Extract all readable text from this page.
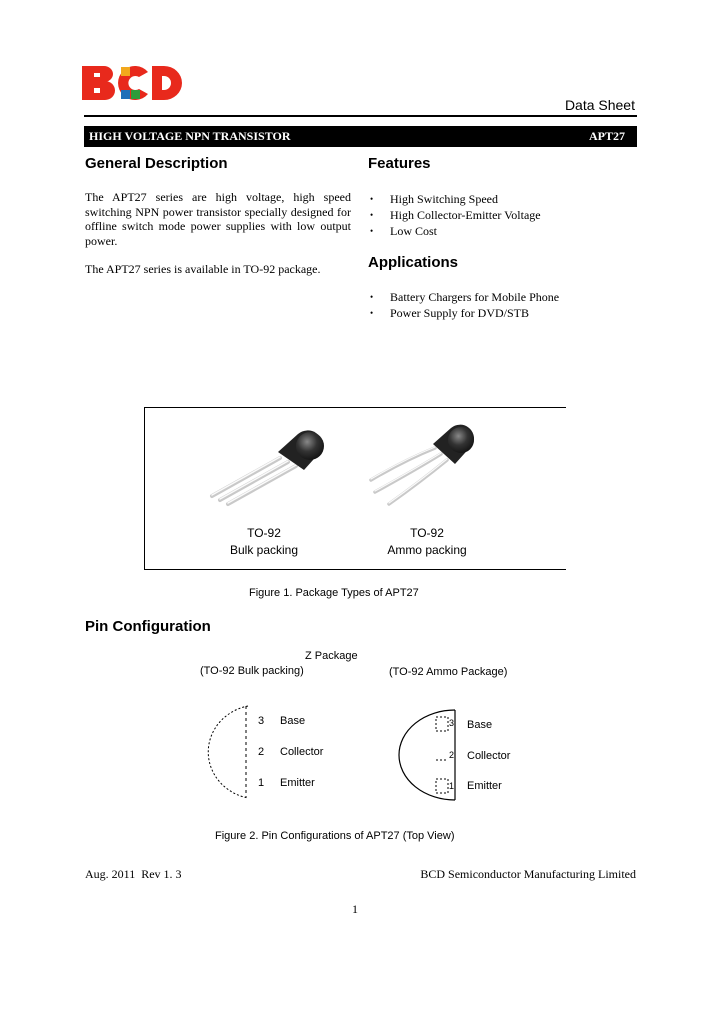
Data Sheet
HIGH VOLTAGE NPN TRANSISTOR	APT27
General Description
The APT27 series are high voltage, high speed switching NPN power transistor specially designed for offline switch mode power supplies with low output power.
The APT27 series is available in TO-92 package.
Features
• High Switching Speed
• High Collector-Emitter Voltage
• Low Cost
Applications
• Battery Chargers for Mobile Phone
• Power Supply for DVD/STB
TO-92
Bulk packing
TO-92
Ammo packing
Figure 1. Package Types of APT27
Pin Configuration
Z Package
(TO-92 Bulk packing)	(TO-92 Ammo Package)
3 Base
2 Collector
1 Emitter
3 Base
2 Collector
1 Emitter
Figure 2. Pin Configurations of APT27 (Top View)
Aug. 2011  Rev 1. 3	BCD Semiconductor Manufacturing Limited
1
